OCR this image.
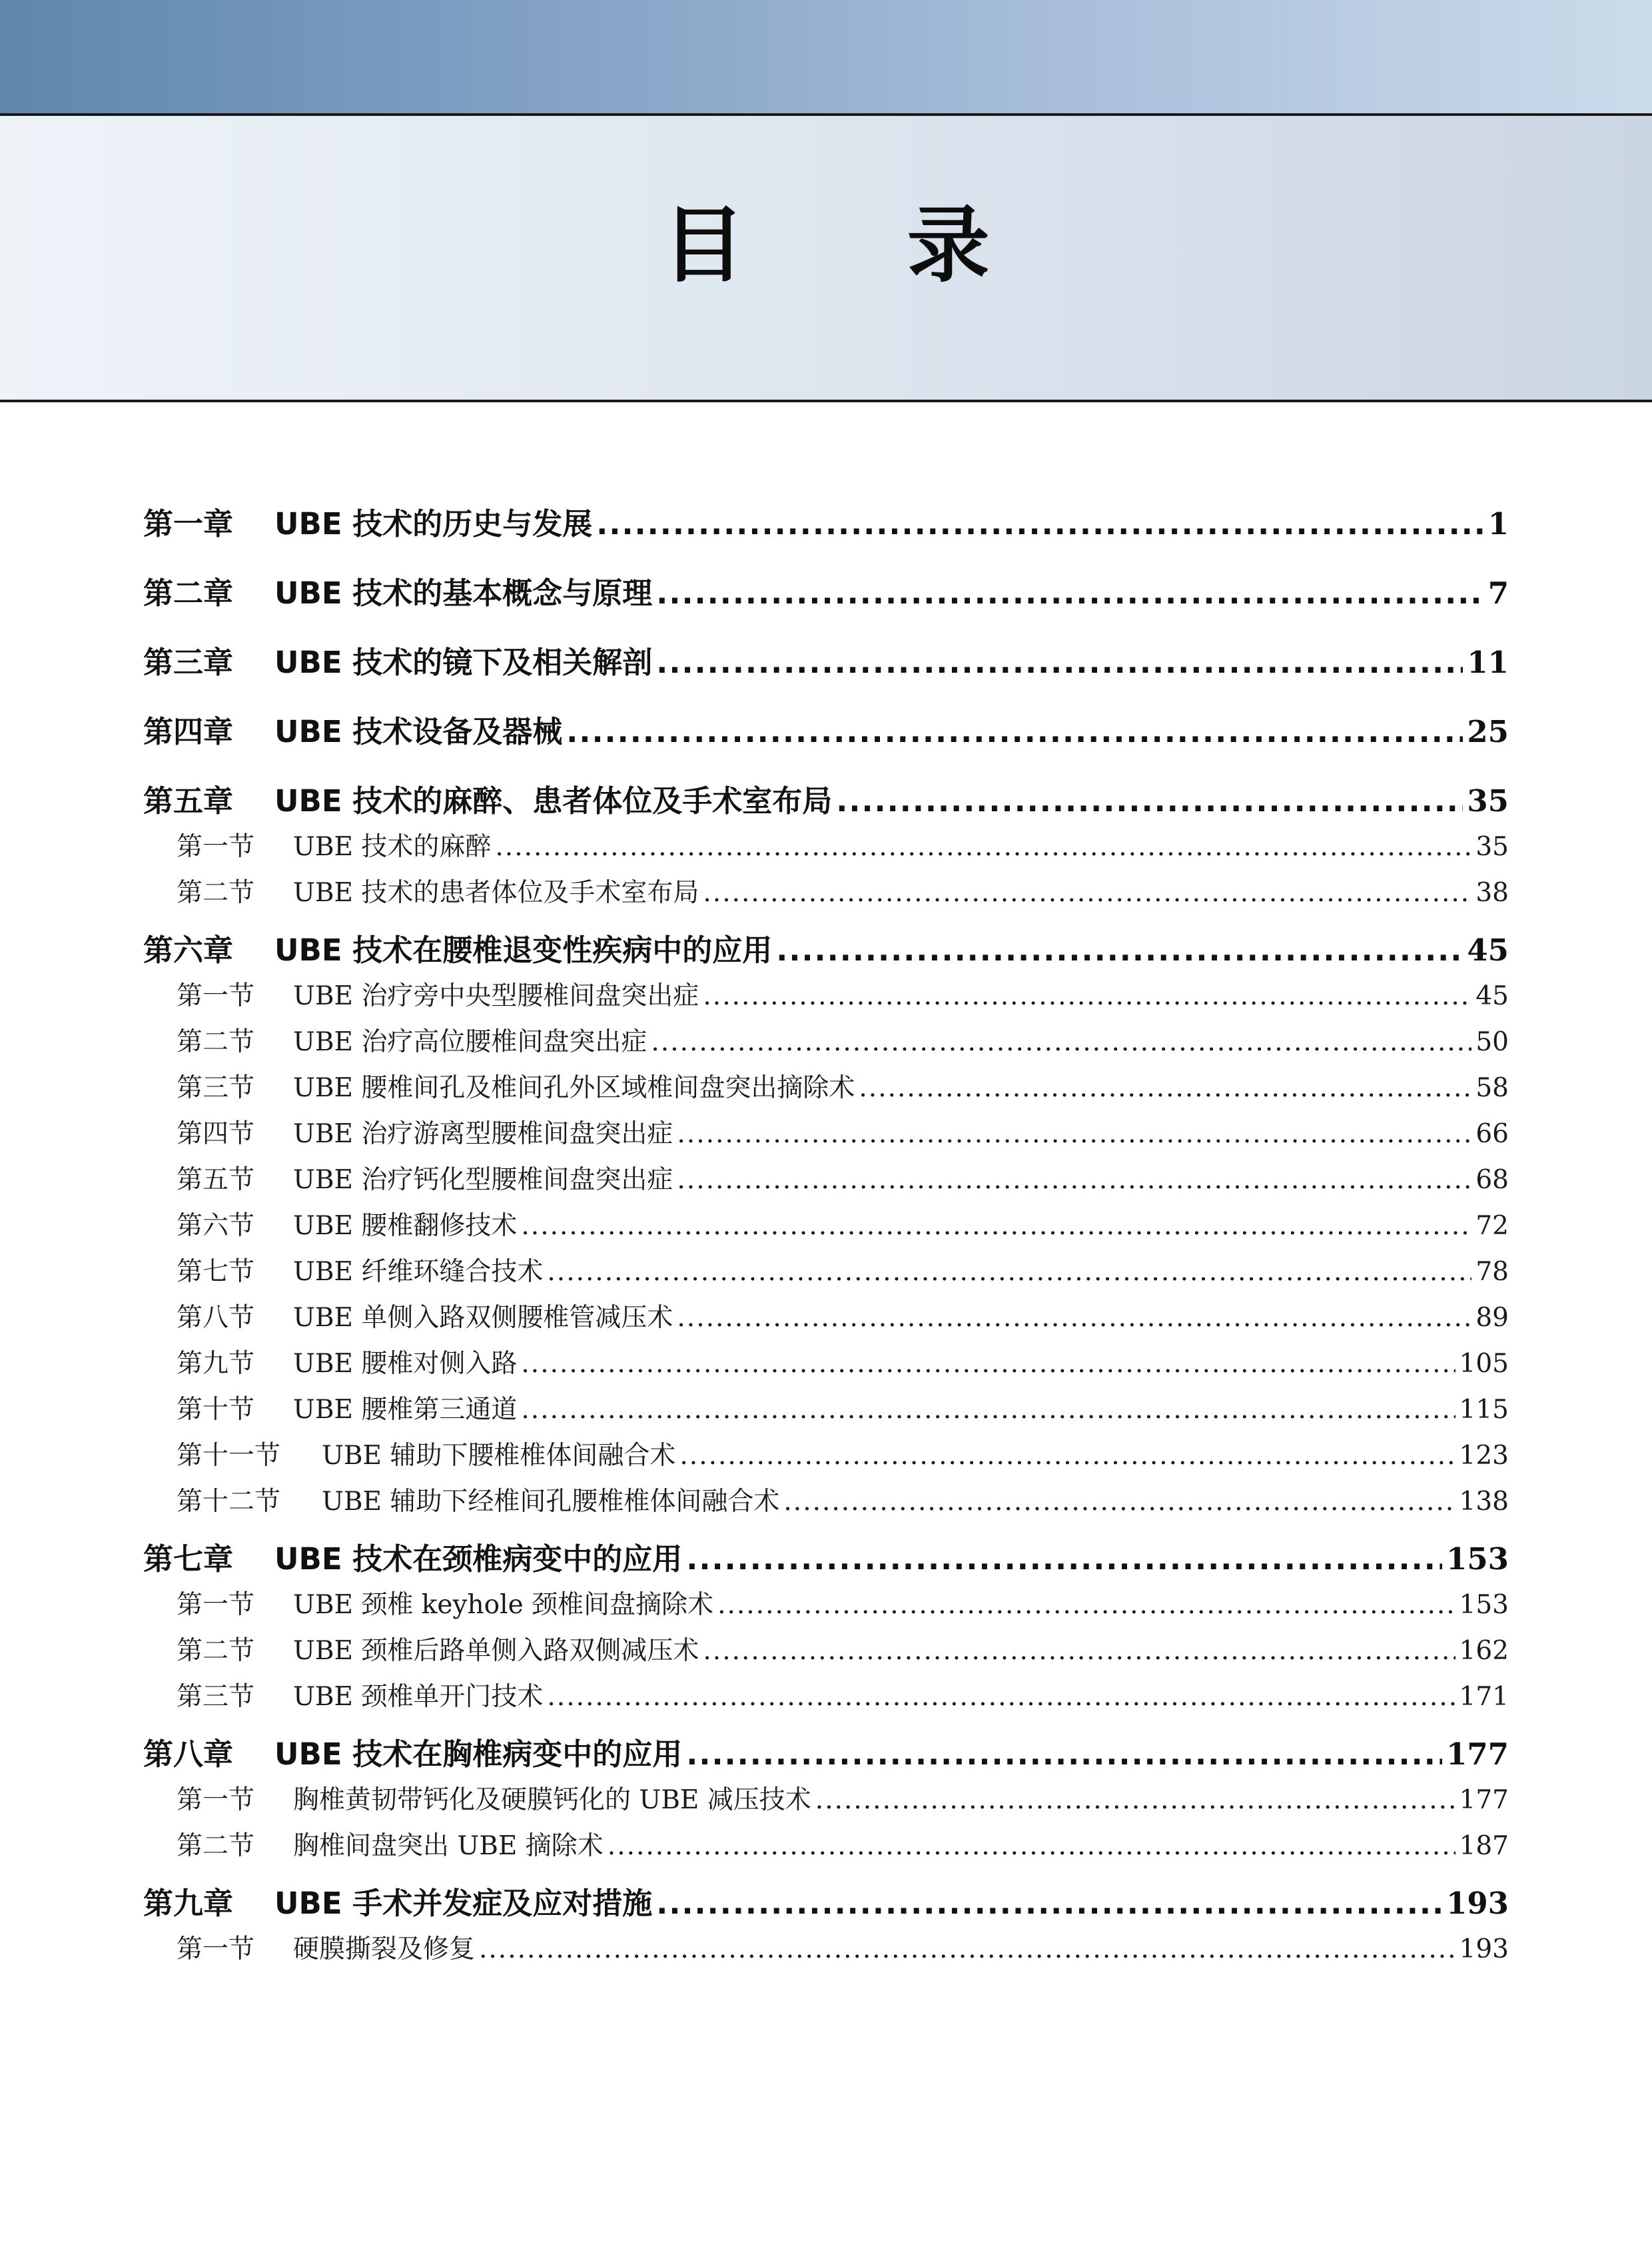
目 录
第一章	UBE 技术的历史与发展 .....	1
第二章	UBE 技术的基本概念与原理 .....	7
第三章	UBE 技术的镜下及相关解剖 .....	11
第四章	UBE 技术设备及器械 .....	25
第五章	UBE 技术的麻醉、患者体位及手术室布局 .....	35
第一节	UBE 技术的麻醉 .....	35
第二节	UBE 技术的患者体位及手术室布局 .....	38
第六章	UBE 技术在腰椎退变性疾病中的应用 .....	45
第一节	UBE 治疗旁中央型腰椎间盘突出症 .....	45
第二节	UBE 治疗高位腰椎间盘突出症 .....	50
第三节	UBE 腰椎间孔及椎间孔外区域椎间盘突出摘除术 .....	58
第四节	UBE 治疗游离型腰椎间盘突出症 .....	66
第五节	UBE 治疗钙化型腰椎间盘突出症 .....	68
第六节	UBE 腰椎翻修技术 .....	72
第七节	UBE 纤维环缝合技术 .....	78
第八节	UBE 单侧入路双侧腰椎管减压术 .....	89
第九节	UBE 腰椎对侧入路 .....	105
第十节	UBE 腰椎第三通道 .....	115
第十一节	UBE 辅助下腰椎椎体间融合术 .....	123
第十二节	UBE 辅助下经椎间孔腰椎椎体间融合术 .....	138
第七章	UBE 技术在颈椎病变中的应用 .....	153
第一节	UBE 颈椎 keyhole 颈椎间盘摘除术 .....	153
第二节	UBE 颈椎后路单侧入路双侧减压术 .....	162
第三节	UBE 颈椎单开门技术 .....	171
第八章	UBE 技术在胸椎病变中的应用 .....	177
第一节	胸椎黄韧带钙化及硬膜钙化的 UBE 减压技术 .....	177
第二节	胸椎间盘突出 UBE 摘除术 .....	187
第九章	UBE 手术并发症及应对措施 .....	193
第一节	硬膜撕裂及修复 .....	193
